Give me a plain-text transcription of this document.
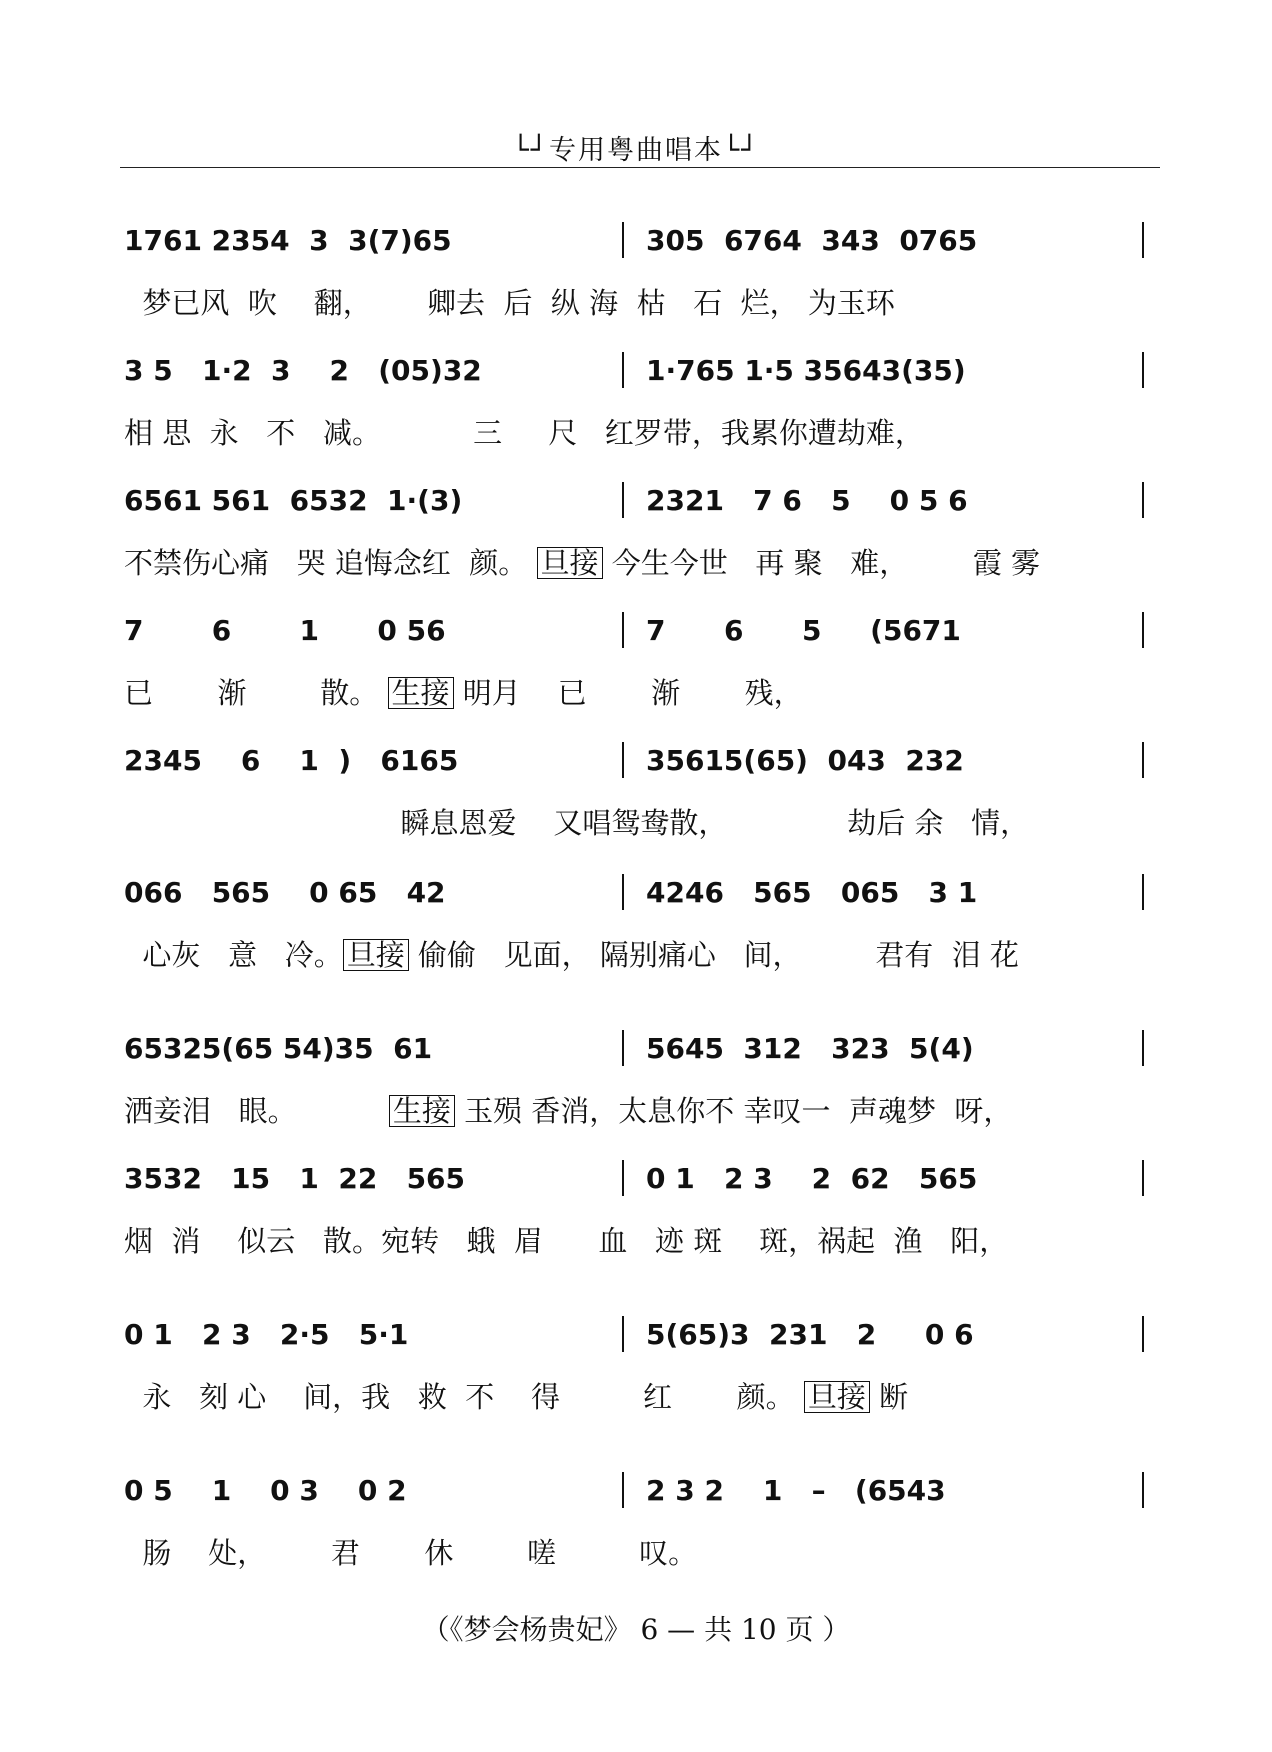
└┘专用粤曲唱本└┘
1761 2354  3  3(7)65	305  6764  343  0765
梦已风  吹    翻，      卿去  后  纵 海  枯   石  烂， 为玉环
3 5   1·2  3    2   (05)32	1·765 1·5 35643(35)
相 思  永   不   减。          三     尺   红罗带，我累你遭劫难，
6561 561  6532  1·(3)	2321   7 6   5    0 5 6
不禁伤心痛   哭 追悔念红  颜。 旦接 今生今世   再 聚   难，       霞 雾
7       6       1      0 56	7      6      5     (5671
已       渐        散。 生接 明月    已       渐       残，
2345    6    1  )   6165	35615(65)  043  232
瞬息恩爱    又唱鸳鸯散，             劫后 余   情，
066   565    0 65   42	4246   565   065   3 1
心灰   意   冷。 旦接 偷偷   见面， 隔别痛心   间，        君有  泪 花
65325(65 54)35  61	5645  312   323  5(4)
洒妾泪   眼。          生接 玉殒 香消，太息你不 幸叹一  声魂梦  呀，
3532   15   1  22   565	0 1   2 3    2  62   565
烟  消    似云   散。宛转   蛾  眉      血   迹 斑    斑，祸起  渔   阳，
0 1   2 3   2·5   5·1	5(65)3  231   2     0 6
永   刻 心    间，我   救  不    得         红       颜。 旦接 断
0 5    1    0 3    0 2	2 3 2    1   –   (6543
肠    处，       君       休        嗟         叹。
（《梦会杨贵妃》 6 — 共 10 页 ）
